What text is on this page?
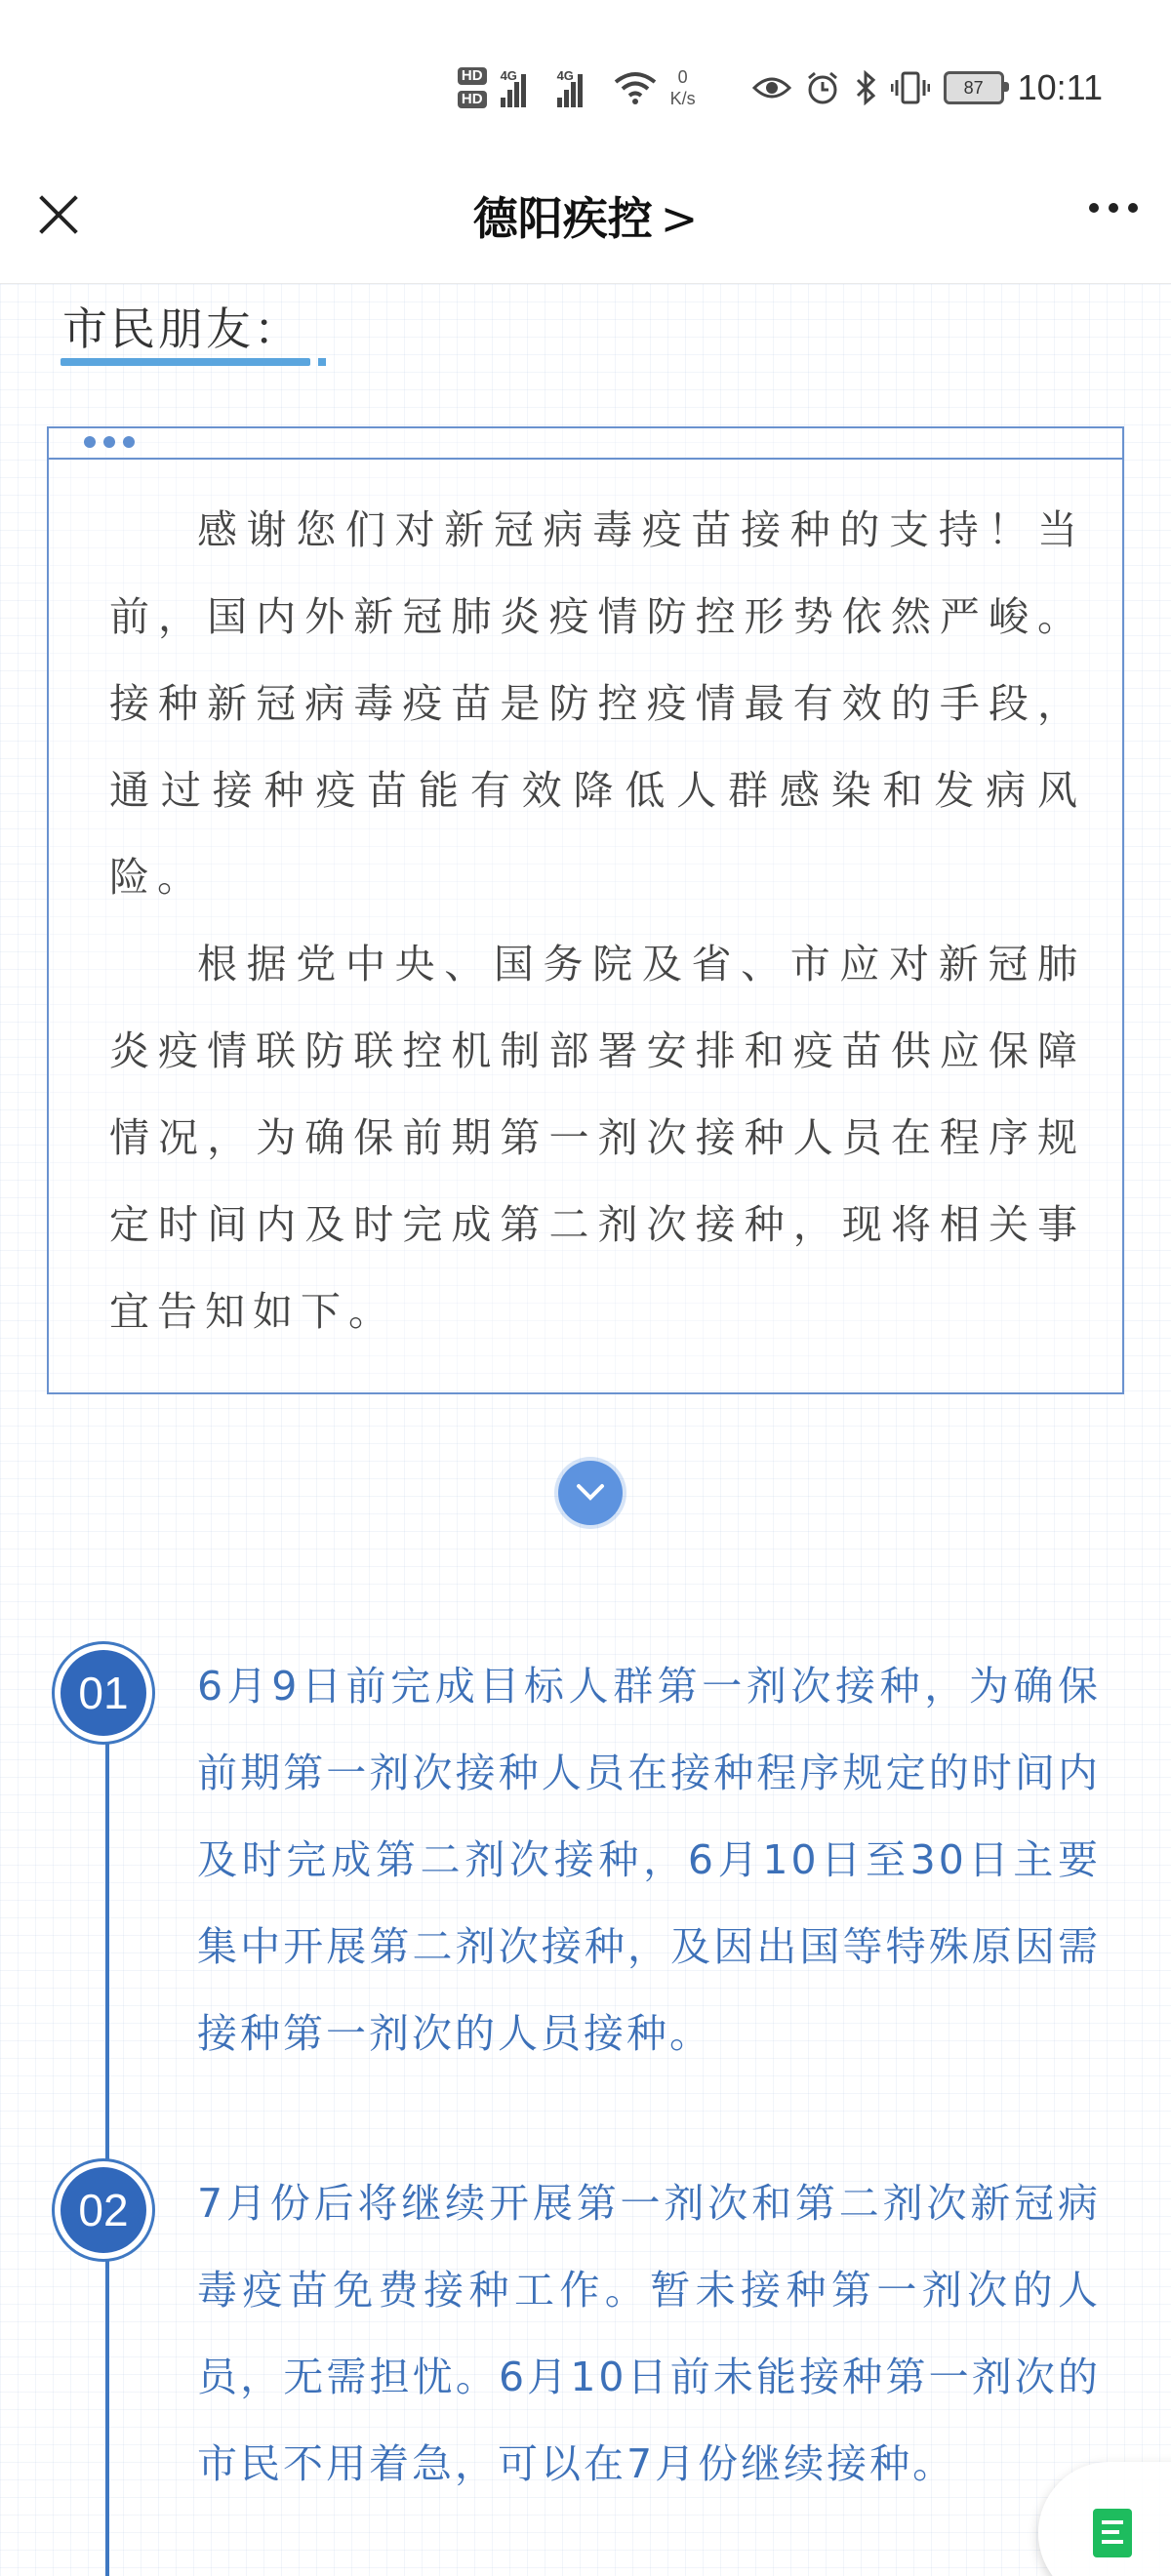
HD
HD
4G	4G	0
K/s
87 10:11
德阳疾控 >
市民朋友：

感谢您们对新冠病毒疫苗接种的支持！当前，国内外新冠肺炎疫情防控形势依然严峻。接种新冠病毒疫苗是防控疫情最有效的手段，通过接种疫苗能有效降低人群感染和发病风险。

根据党中央、国务院及省、市应对新冠肺炎疫情联防联控机制部署安排和疫苗供应保障情况，为确保前期第一剂次接种人员在程序规定时间内及时完成第二剂次接种，现将相关事宜告知如下。

01	6月9日前完成目标人群第一剂次接种，为确保前期第一剂次接种人员在接种程序规定的时间内及时完成第二剂次接种，6月10日至30日主要集中开展第二剂次接种，及因出国等特殊原因需接种第一剂次的人员接种。
02	7月份后将继续开展第一剂次和第二剂次新冠病毒疫苗免费接种工作。暂未接种第一剂次的人员，无需担忧。6月10日前未能接种第一剂次的市民不用着急，可以在7月份继续接种。
